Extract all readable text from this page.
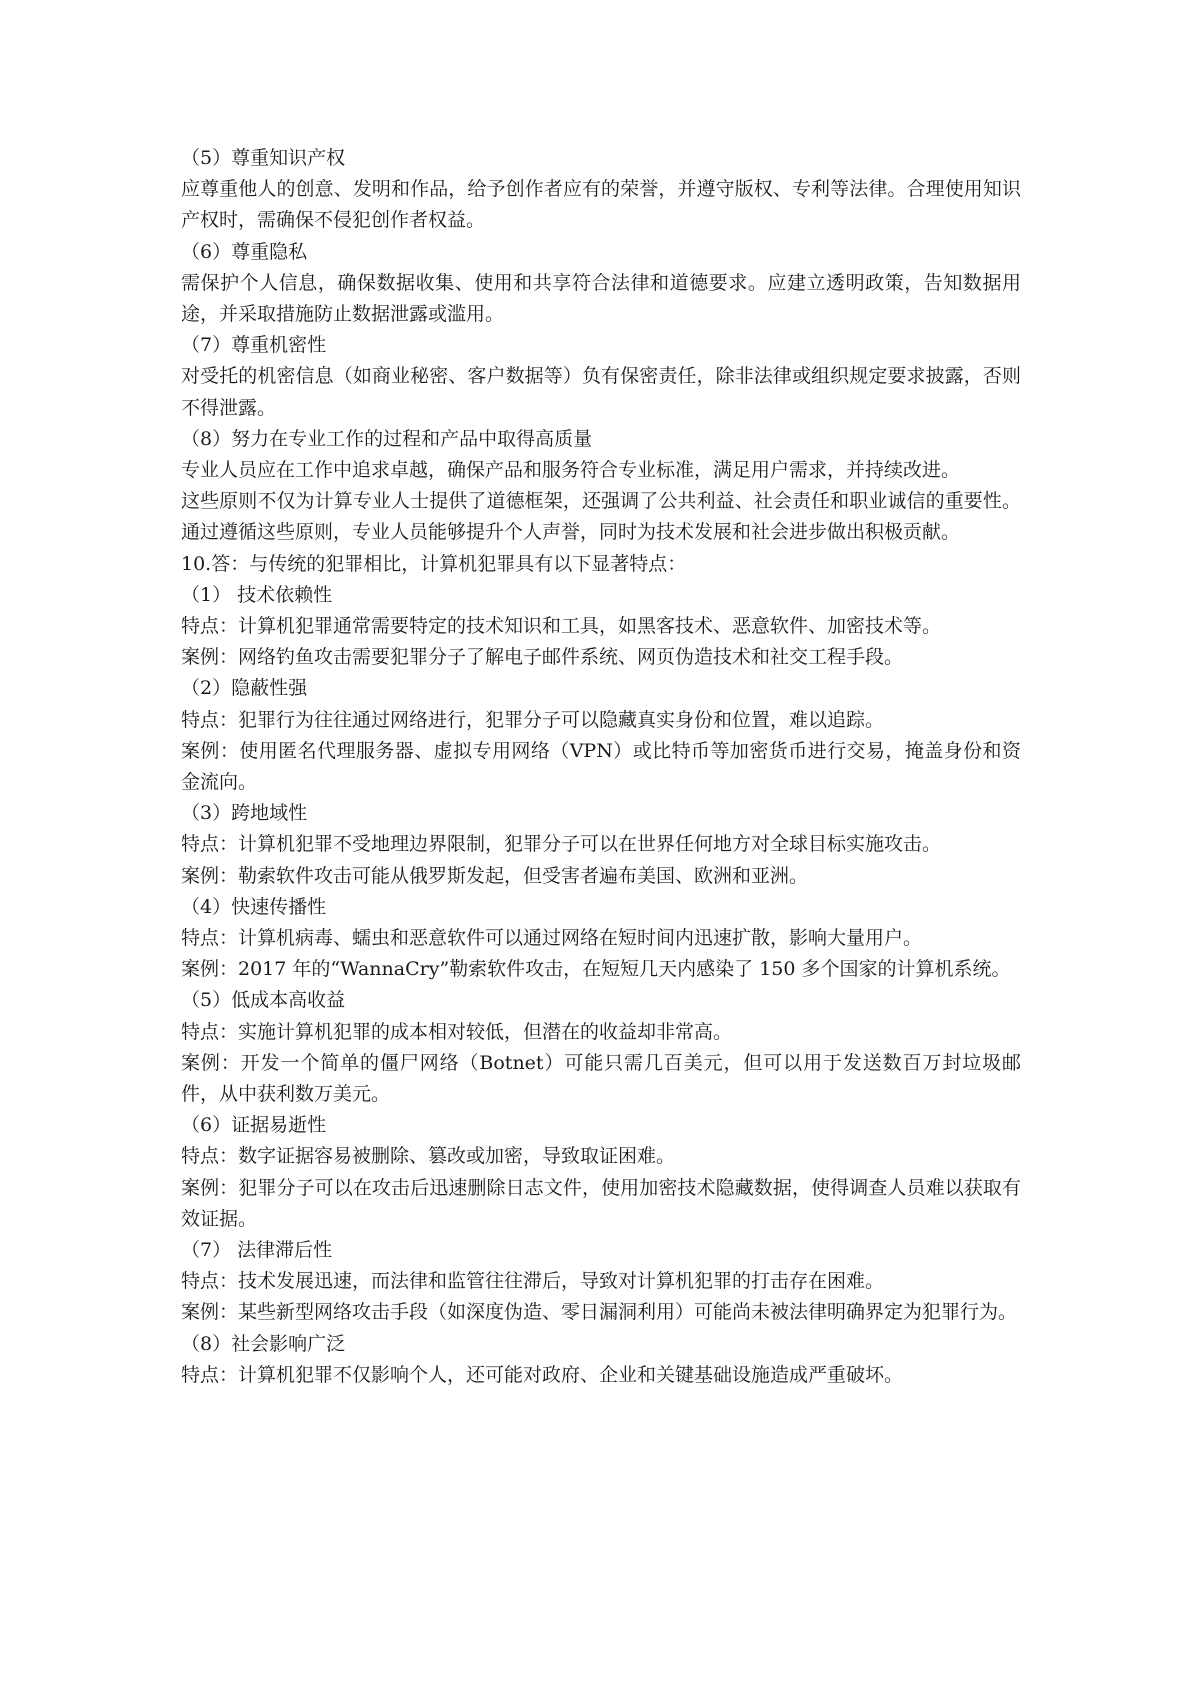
（5）尊重知识产权
应尊重他人的创意、发明和作品，给予创作者应有的荣誉，并遵守版权、专利等法律。合理使用知识产权时，需确保不侵犯创作者权益。
（6）尊重隐私
需保护个人信息，确保数据收集、使用和共享符合法律和道德要求。应建立透明政策，告知数据用途，并采取措施防止数据泄露或滥用。
（7）尊重机密性
对受托的机密信息（如商业秘密、客户数据等）负有保密责任，除非法律或组织规定要求披露，否则不得泄露。
（8）努力在专业工作的过程和产品中取得高质量
专业人员应在工作中追求卓越，确保产品和服务符合专业标准，满足用户需求，并持续改进。
这些原则不仅为计算专业人士提供了道德框架，还强调了公共利益、社会责任和职业诚信的重要性。通过遵循这些原则，专业人员能够提升个人声誉，同时为技术发展和社会进步做出积极贡献。
10.答：与传统的犯罪相比，计算机犯罪具有以下显著特点：
（1） 技术依赖性
特点：计算机犯罪通常需要特定的技术知识和工具，如黑客技术、恶意软件、加密技术等。
案例：网络钓鱼攻击需要犯罪分子了解电子邮件系统、网页伪造技术和社交工程手段。
（2）隐蔽性强
特点：犯罪行为往往通过网络进行，犯罪分子可以隐藏真实身份和位置，难以追踪。
案例：使用匿名代理服务器、虚拟专用网络（VPN）或比特币等加密货币进行交易，掩盖身份和资金流向。
（3）跨地域性
特点：计算机犯罪不受地理边界限制，犯罪分子可以在世界任何地方对全球目标实施攻击。
案例：勒索软件攻击可能从俄罗斯发起，但受害者遍布美国、欧洲和亚洲。
（4）快速传播性
特点：计算机病毒、蠕虫和恶意软件可以通过网络在短时间内迅速扩散，影响大量用户。
案例：2017 年的“WannaCry”勒索软件攻击，在短短几天内感染了 150 多个国家的计算机系统。
（5）低成本高收益
特点：实施计算机犯罪的成本相对较低，但潜在的收益却非常高。
案例：开发一个简单的僵尸网络（Botnet）可能只需几百美元，但可以用于发送数百万封垃圾邮件，从中获利数万美元。
（6）证据易逝性
特点：数字证据容易被删除、篡改或加密，导致取证困难。
案例：犯罪分子可以在攻击后迅速删除日志文件，使用加密技术隐藏数据，使得调查人员难以获取有效证据。
（7） 法律滞后性
特点：技术发展迅速，而法律和监管往往滞后，导致对计算机犯罪的打击存在困难。
案例：某些新型网络攻击手段（如深度伪造、零日漏洞利用）可能尚未被法律明确界定为犯罪行为。
（8）社会影响广泛
特点：计算机犯罪不仅影响个人，还可能对政府、企业和关键基础设施造成严重破坏。
